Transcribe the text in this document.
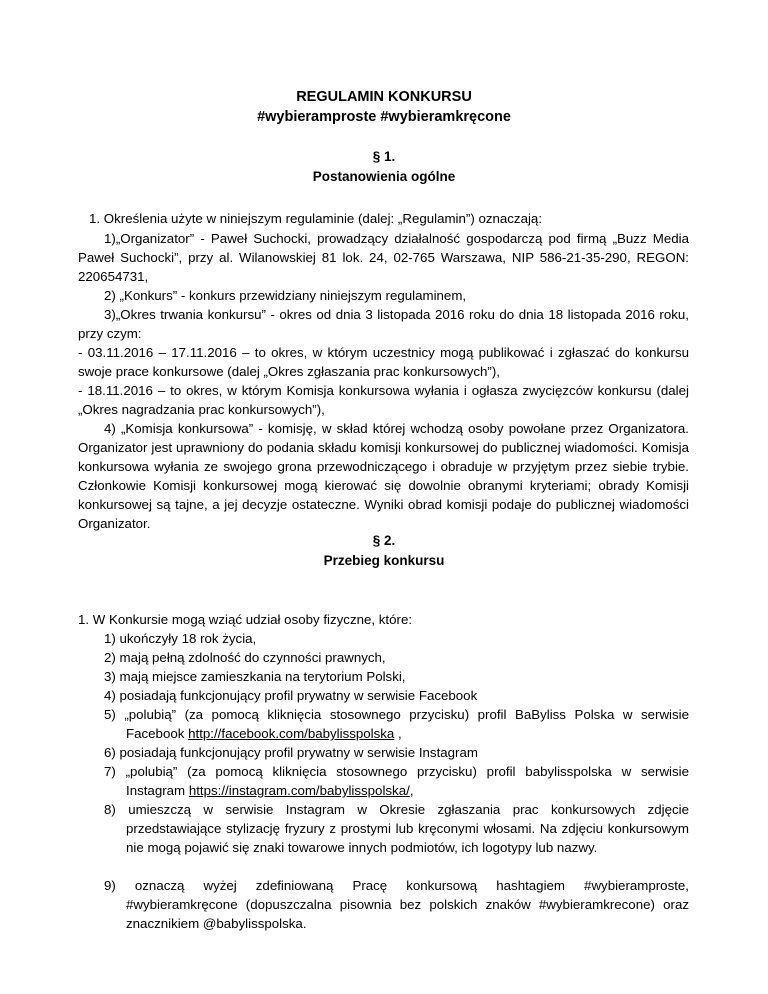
REGULAMIN KONKURSU
#wybieramproste #wybieramkręcone
§ 1.
Postanowienia ogólne
1. Określenia użyte w niniejszym regulaminie (dalej: „Regulamin”) oznaczają:
1)„Organizator” - Paweł Suchocki, prowadzący działalność gospodarczą pod firmą „Buzz Media Paweł Suchocki”, przy al. Wilanowskiej 81 lok. 24, 02-765 Warszawa, NIP 586-21-35-290, REGON: 220654731,
2) „Konkurs” - konkurs przewidziany niniejszym regulaminem,
3)„Okres trwania konkursu” - okres od dnia 3 listopada 2016 roku do dnia 18 listopada 2016 roku, przy czym:
- 03.11.2016 – 17.11.2016 – to okres, w którym uczestnicy mogą publikować i zgłaszać do konkursu swoje prace konkursowe (dalej „Okres zgłaszania prac konkursowych”),
- 18.11.2016 – to okres, w którym Komisja konkursowa wyłania i ogłasza zwycięzców konkursu (dalej „Okres nagradzania prac konkursowych”),
4) „Komisja konkursowa” - komisję, w skład której wchodzą osoby powołane przez Organizatora. Organizator jest uprawniony do podania składu komisji konkursowej do publicznej wiadomości. Komisja konkursowa wyłania ze swojego grona przewodniczącego i obraduje w przyjętym przez siebie trybie. Członkowie Komisji konkursowej mogą kierować się dowolnie obranymi kryteriami; obrady Komisji konkursowej są tajne, a jej decyzje ostateczne. Wyniki obrad komisji podaje do publicznej wiadomości Organizator.
§ 2.
Przebieg konkursu
1. W Konkursie mogą wziąć udział osoby fizyczne, które:
1) ukończyły 18 rok życia,
2) mają pełną zdolność do czynności prawnych,
3) mają miejsce zamieszkania na terytorium Polski,
4) posiadają funkcjonujący profil prywatny w serwisie Facebook
5) „polubią” (za pomocą kliknięcia stosownego przycisku) profil BaByliss Polska w serwisie Facebook http://facebook.com/babylisspolska ,
6) posiadają funkcjonujący profil prywatny w serwisie Instagram
7) „polubią” (za pomocą kliknięcia stosownego przycisku) profil babylisspolska w serwisie Instagram https://instagram.com/babylisspolska/,
8) umieszczą w serwisie Instagram w Okresie zgłaszania prac konkursowych zdjęcie przedstawiające stylizację fryzury z prostymi lub kręconymi włosami. Na zdjęciu konkursowym nie mogą pojawić się znaki towarowe innych podmiotów, ich logotypy lub nazwy.
9) oznaczą wyżej zdefiniowaną Pracę konkursową hashtagiem #wybieramproste, #wybieramkręcone (dopuszczalna pisownia bez polskich znaków #wybieramkrecone) oraz znacznikiem @babylisspolska.
